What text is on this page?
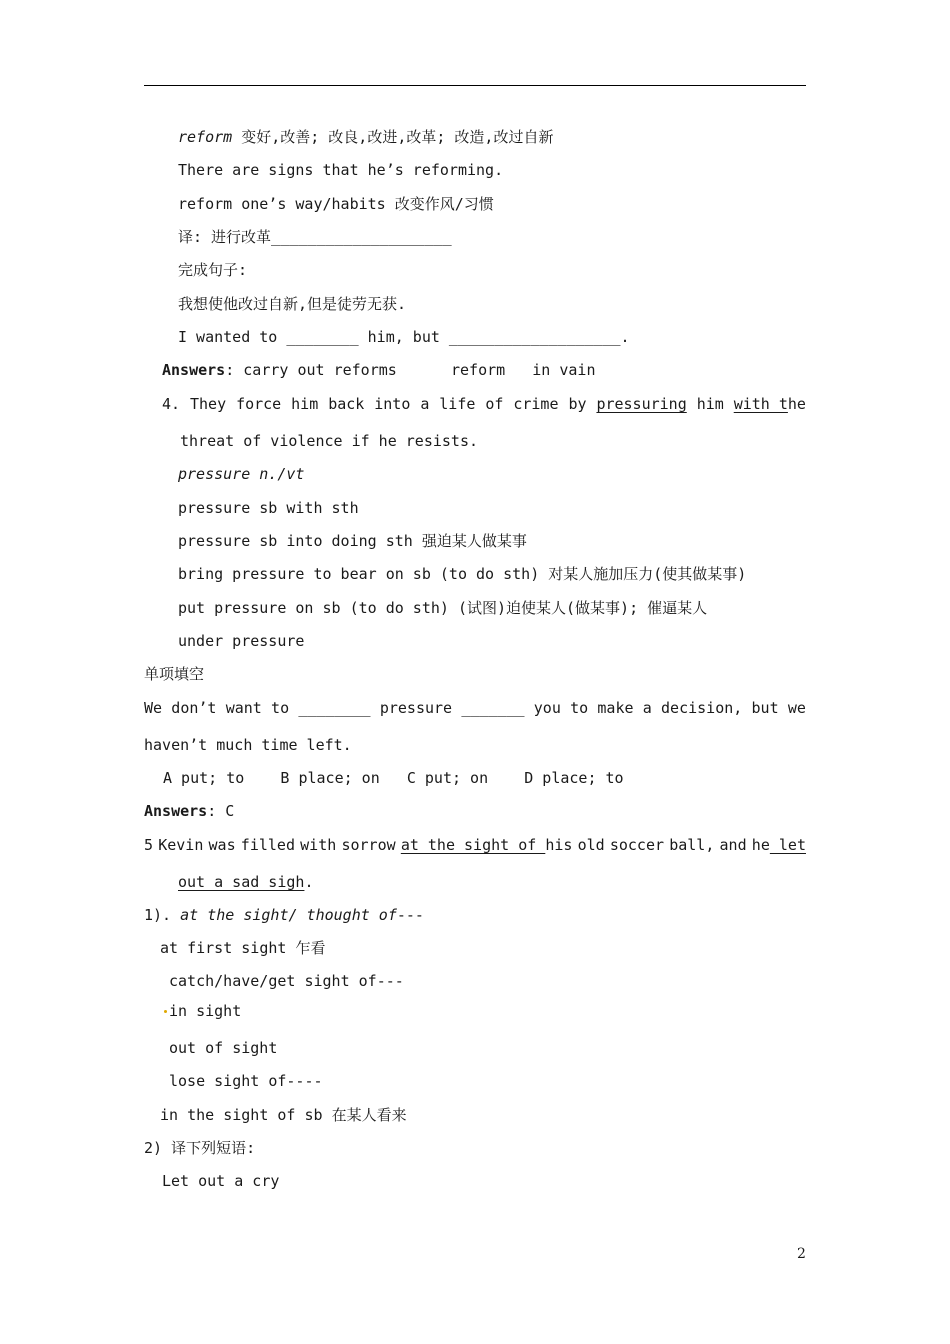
reform 变好,改善; 改良,改进,改革; 改造,改过自新
There are signs that he’s reforming.
reform one’s way/habits 改变作风/习惯
译: 进行改革____________________
完成句子:
我想使他改过自新,但是徒劳无获.
I wanted to ________ him, but ___________________.
Answers: carry out reforms      reform   in vain
4. They force him back into a life of crime by pressuring him with the
threat of violence if he resists.
pressure n./vt
pressure sb with sth
pressure sb into doing sth 强迫某人做某事
bring pressure to bear on sb (to do sth) 对某人施加压力(使其做某事)
put pressure on sb (to do sth) (试图)迫使某人(做某事); 催逼某人
under pressure
单项填空
We don’t want to ________ pressure _______ you to make a decision, but we
haven’t much time left.
A put; to    B place; on   C put; on    D place; to
Answers: C
5 Kevin was filled with sorrow at the sight of his old soccer ball, and he let
out a sad sigh.
1). at the sight/ thought of---
at first sight 乍看
catch/have/get sight of---
in sight
out of sight
lose sight of----
in the sight of sb 在某人看来
2) 译下列短语:
Let out a cry
2
